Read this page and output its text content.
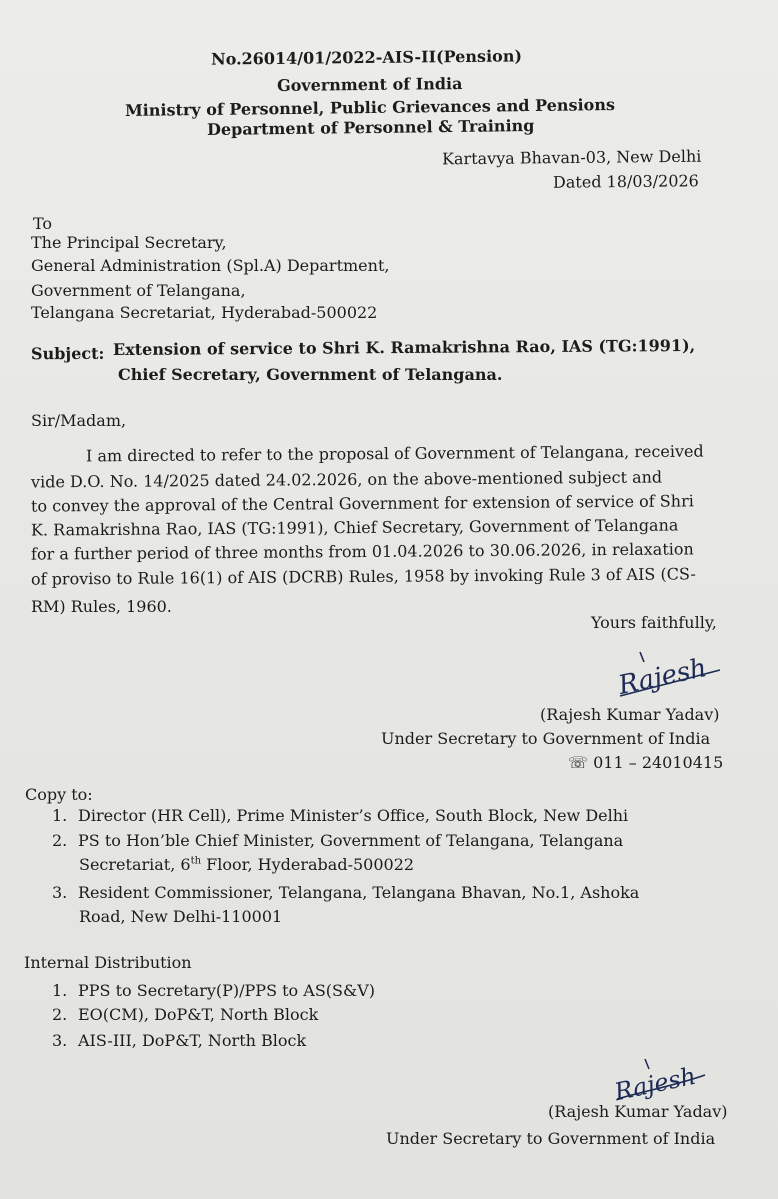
No.26014/01/2022-AIS-II(Pension)
Government of India
Ministry of Personnel, Public Grievances and Pensions
Department of Personnel & Training
Kartavya Bhavan-03, New Delhi
Dated 18/03/2026
To
The Principal Secretary,
General Administration (Spl.A) Department,
Government of Telangana,
Telangana Secretariat, Hyderabad-500022
Subject: Extension of service to Shri K. Ramakrishna Rao, IAS (TG:1991),
Chief Secretary, Government of Telangana.
Sir/Madam,
I am directed to refer to the proposal of Government of Telangana, received
vide D.O. No. 14/2025 dated 24.02.2026, on the above-mentioned subject and
to convey the approval of the Central Government for extension of service of Shri
K. Ramakrishna Rao, IAS (TG:1991), Chief Secretary, Government of Telangana
for a further period of three months from 01.04.2026 to 30.06.2026, in relaxation
of proviso to Rule 16(1) of AIS (DCRB) Rules, 1958 by invoking Rule 3 of AIS (CS-
RM) Rules, 1960.
Yours faithfully,
Rajesh
(Rajesh Kumar Yadav)
Under Secretary to Government of India
☏ 011 – 24010415
Copy to:
1. Director (HR Cell), Prime Minister’s Office, South Block, New Delhi
2. PS to Hon’ble Chief Minister, Government of Telangana, Telangana
Secretariat, 6th Floor, Hyderabad-500022
3. Resident Commissioner, Telangana, Telangana Bhavan, No.1, Ashoka
Road, New Delhi-110001
Internal Distribution
1. PPS to Secretary(P)/PPS to AS(S&V)
2. EO(CM), DoP&T, North Block
3. AIS-III, DoP&T, North Block
Rajesh
(Rajesh Kumar Yadav)
Under Secretary to Government of India
